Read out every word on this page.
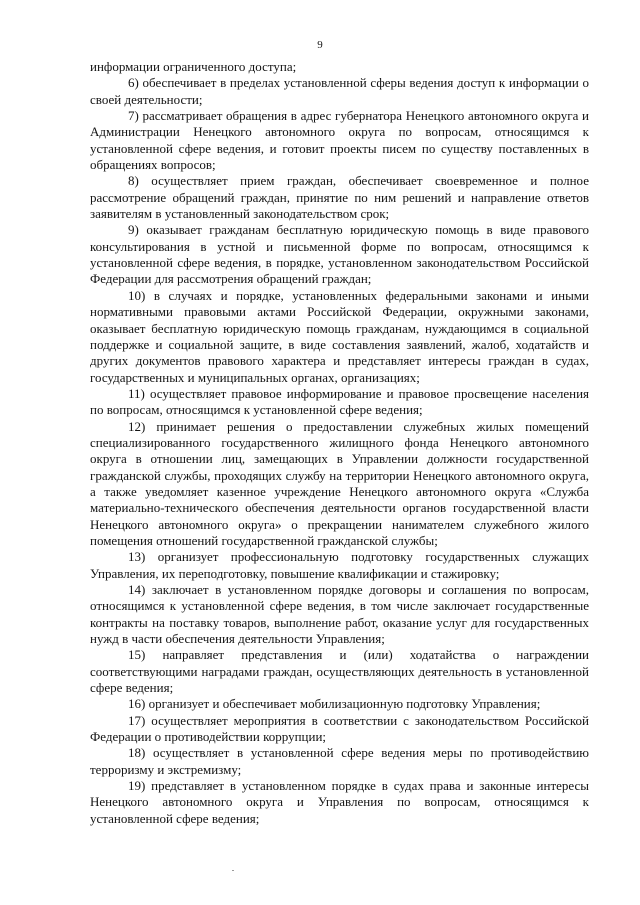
9

информации ограниченного доступа;

6) обеспечивает в пределах установленной сферы ведения доступ к информации о своей деятельности;

7) рассматривает обращения в адрес губернатора Ненецкого автономного округа и Администрации Ненецкого автономного округа по вопросам, относящимся к установленной сфере ведения, и готовит проекты писем по существу поставленных в обращениях вопросов;

8) осуществляет прием граждан, обеспечивает своевременное и полное рассмотрение обращений граждан, принятие по ним решений и направление ответов заявителям в установленный законодательством срок;

9) оказывает гражданам бесплатную юридическую помощь в виде правового консультирования в устной и письменной форме по вопросам, относящимся к установленной сфере ведения, в порядке, установленном законодательством Российской Федерации для рассмотрения обращений граждан;

10) в случаях и порядке, установленных федеральными законами и иными нормативными правовыми актами Российской Федерации, окружными законами, оказывает бесплатную юридическую помощь гражданам, нуждающимся в социальной поддержке и социальной защите, в виде составления заявлений, жалоб, ходатайств и других документов правового характера и представляет интересы граждан в судах, государственных и муниципальных органах, организациях;

11) осуществляет правовое информирование и правовое просвещение населения по вопросам, относящимся к установленной сфере ведения;

12) принимает решения о предоставлении служебных жилых помещений специализированного государственного жилищного фонда Ненецкого автономного округа в отношении лиц, замещающих в Управлении должности государственной гражданской службы, проходящих службу на территории Ненецкого автономного округа, а также уведомляет казенное учреждение Ненецкого автономного округа «Служба материально-технического обеспечения деятельности органов государственной власти Ненецкого автономного округа» о прекращении нанимателем служебного жилого помещения отношений государственной гражданской службы;

13) организует профессиональную подготовку государственных служащих Управления, их переподготовку, повышение квалификации и стажировку;

14) заключает в установленном порядке договоры и соглашения по вопросам, относящимся к установленной сфере ведения, в том числе заключает государственные контракты на поставку товаров, выполнение работ, оказание услуг для государственных нужд в части обеспечения деятельности Управления;

15) направляет представления и (или) ходатайства о награждении соответствующими наградами граждан, осуществляющих деятельность в установленной сфере ведения;

16) организует и обеспечивает мобилизационную подготовку Управления;

17) осуществляет мероприятия в соответствии с законодательством Российской Федерации о противодействии коррупции;

18) осуществляет в установленной сфере ведения меры по противодействию терроризму и экстремизму;

19) представляет в установленном порядке в судах права и законные интересы Ненецкого автономного округа и Управления по вопросам, относящимся к установленной сфере ведения;
